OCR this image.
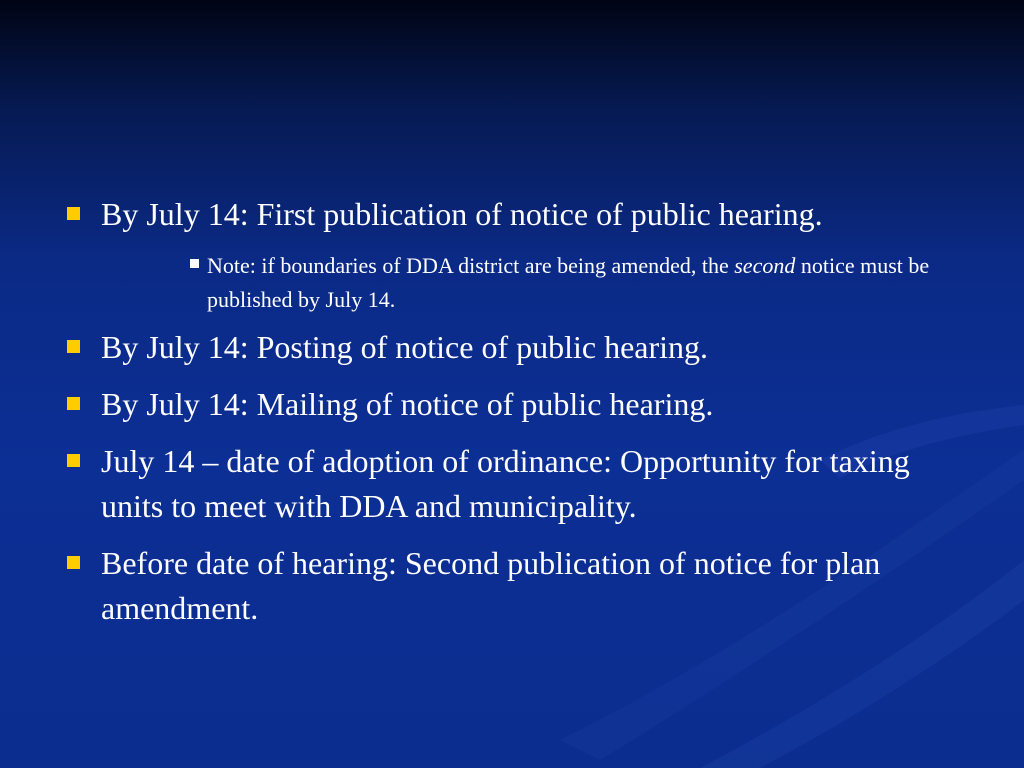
By July 14: First publication of notice of public hearing.
Note: if boundaries of DDA district are being amended, the second notice must be published by July 14.
By July 14: Posting of notice of public hearing.
By July 14: Mailing of notice of public hearing.
July 14 – date of adoption of ordinance: Opportunity for taxing units to meet with DDA and municipality.
Before date of hearing: Second publication of notice for plan amendment.
